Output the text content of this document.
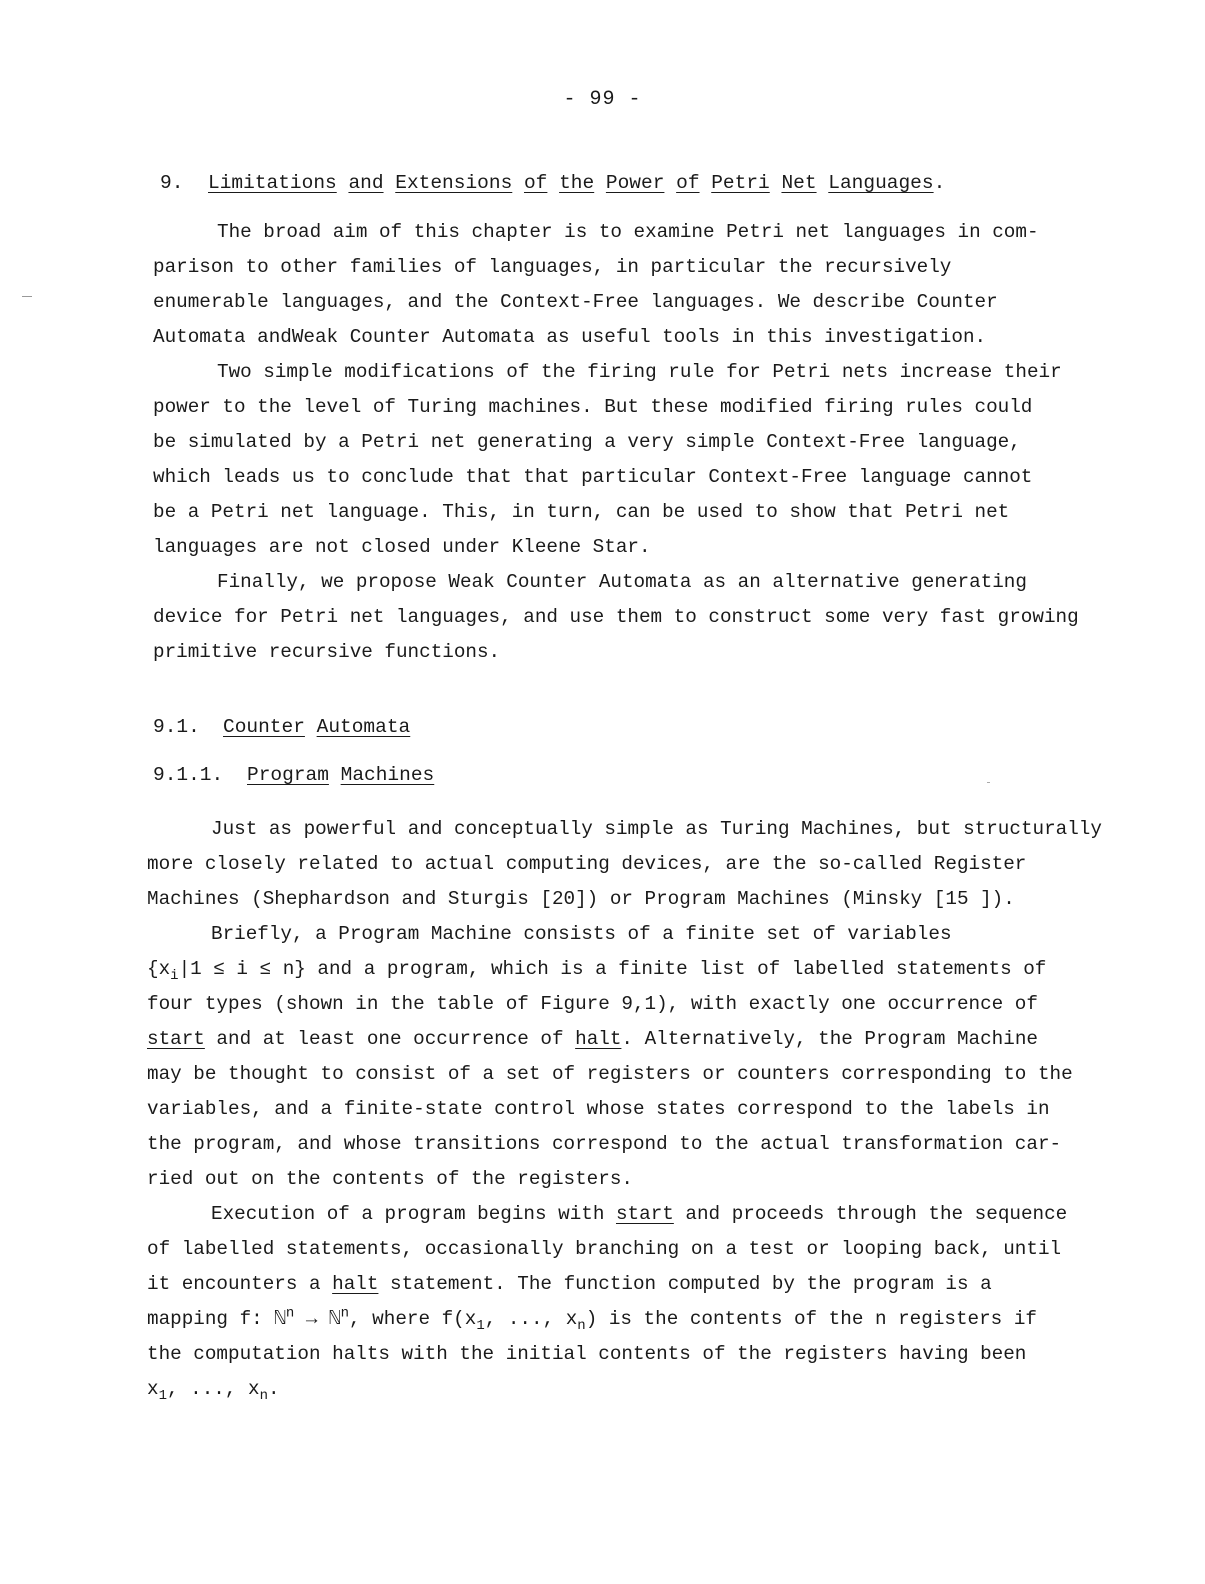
- 99 -
9. Limitations and Extensions of the Power of Petri Net Languages.
The broad aim of this chapter is to examine Petri net languages in com-
parison to other families of languages, in particular the recursively
enumerable languages, and the Context-Free languages. We describe Counter
Automata andWeak Counter Automata as useful tools in this investigation.
Two simple modifications of the firing rule for Petri nets increase their
power to the level of Turing machines. But these modified firing rules could
be simulated by a Petri net generating a very simple Context-Free language,
which leads us to conclude that that particular Context-Free language cannot
be a Petri net language. This, in turn, can be used to show that Petri net
languages are not closed under Kleene Star.
Finally, we propose Weak Counter Automata as an alternative generating
device for Petri net languages, and use them to construct some very fast growing
primitive recursive functions.
9.1. Counter Automata
9.1.1. Program Machines
Just as powerful and conceptually simple as Turing Machines, but structurally
more closely related to actual computing devices, are the so-called Register
Machines (Shephardson and Sturgis [20]) or Program Machines (Minsky [15 ]).
Briefly, a Program Machine consists of a finite set of variables
$\{x_i|1 \le i \le n\}$ and a program, which is a finite list of labelled statements of
four types (shown in the table of Figure 9,1), with exactly one occurrence of
start and at least one occurrence of halt. Alternatively, the Program Machine
may be thought to consist of a set of registers or counters corresponding to the
variables, and a finite-state control whose states correspond to the labels in
the program, and whose transitions correspond to the actual transformation car-
ried out on the contents of the registers.
Execution of a program begins with start and proceeds through the sequence
of labelled statements, occasionally branching on a test or looping back, until
it encounters a halt statement. The function computed by the program is a
mapping f: ℕ$^n$ → ℕ$^n$, where $f(x_1$, ..., $x_n$) is the contents of the n registers if
the computation halts with the initial contents of the registers having been
$x_1$, ..., $x_n$.
